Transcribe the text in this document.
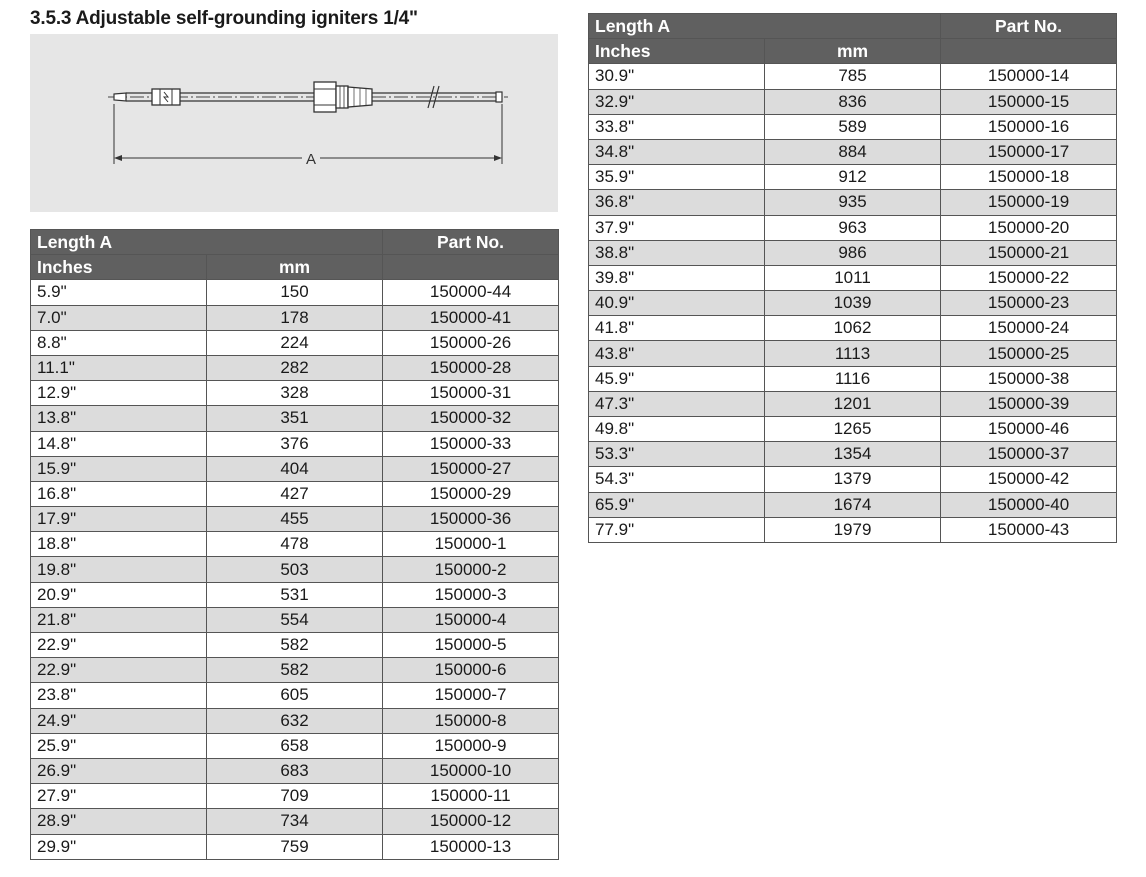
3.5.3 Adjustable self-grounding igniters 1/4"
A
Length A		Part No.
Inches	mm	
5.9"	150	150000-44
7.0"	178	150000-41
8.8"	224	150000-26
11.1"	282	150000-28
12.9"	328	150000-31
13.8"	351	150000-32
14.8"	376	150000-33
15.9"	404	150000-27
16.8"	427	150000-29
17.9"	455	150000-36
18.8"	478	150000-1
19.8"	503	150000-2
20.9"	531	150000-3
21.8"	554	150000-4
22.9"	582	150000-5
22.9"	582	150000-6
23.8"	605	150000-7
24.9"	632	150000-8
25.9"	658	150000-9
26.9"	683	150000-10
27.9"	709	150000-11
28.9"	734	150000-12
29.9"	759	150000-13
Length A		Part No.
Inches	mm	
30.9"	785	150000-14
32.9"	836	150000-15
33.8"	589	150000-16
34.8"	884	150000-17
35.9"	912	150000-18
36.8"	935	150000-19
37.9"	963	150000-20
38.8"	986	150000-21
39.8"	1011	150000-22
40.9"	1039	150000-23
41.8"	1062	150000-24
43.8"	1113	150000-25
45.9"	1116	150000-38
47.3"	1201	150000-39
49.8"	1265	150000-46
53.3"	1354	150000-37
54.3"	1379	150000-42
65.9"	1674	150000-40
77.9"	1979	150000-43
